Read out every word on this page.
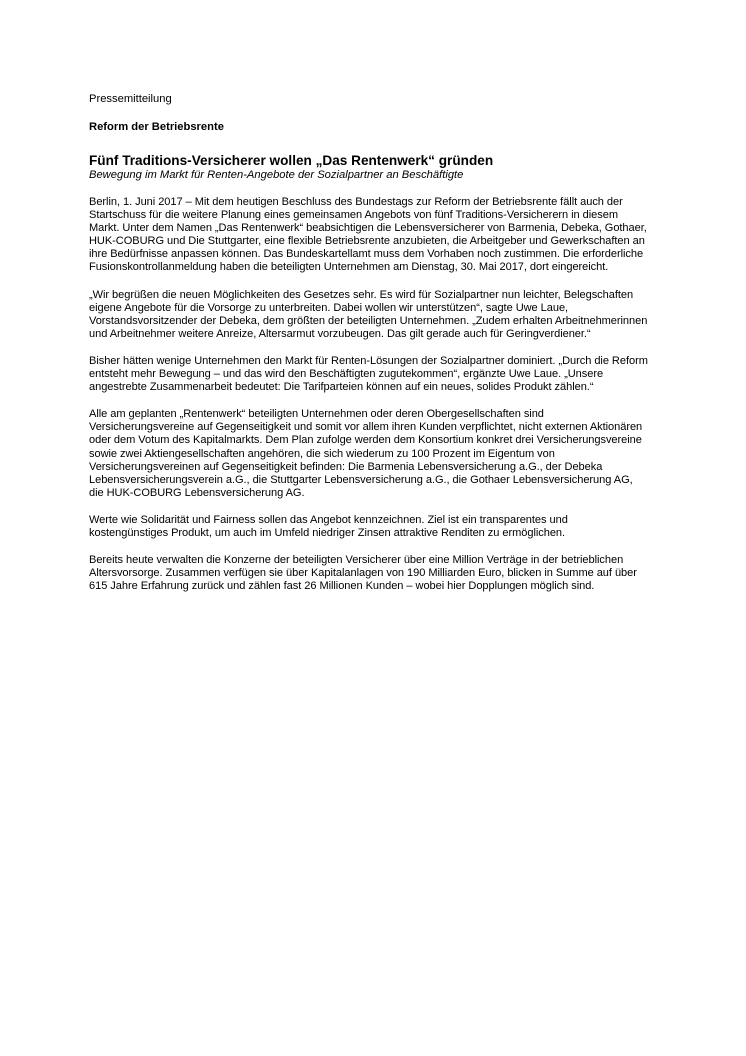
Pressemitteilung

Reform der Betriebsrente

Fünf Traditions-Versicherer wollen „Das Rentenwerk“ gründen

Bewegung im Markt für Renten-Angebote der Sozialpartner an Beschäftigte

Berlin, 1. Juni 2017 – Mit dem heutigen Beschluss des Bundestags zur Reform der Betriebsrente fällt auch der Startschuss für die weitere Planung eines gemeinsamen Angebots von fünf Traditions-Versicherern in diesem Markt. Unter dem Namen „Das Rentenwerk“ beabsichtigen die Lebensversicherer von Barmenia, Debeka, Gothaer, HUK-COBURG und Die Stuttgarter, eine flexible Betriebsrente anzubieten, die Arbeitgeber und Gewerkschaften an ihre Bedürfnisse anpassen können. Das Bundeskartellamt muss dem Vorhaben noch zustimmen. Die erforderliche Fusionskontrollanmeldung haben die beteiligten Unternehmen am Dienstag, 30. Mai 2017, dort eingereicht.

„Wir begrüßen die neuen Möglichkeiten des Gesetzes sehr. Es wird für Sozialpartner nun leichter, Belegschaften eigene Angebote für die Vorsorge zu unterbreiten. Dabei wollen wir unterstützen“, sagte Uwe Laue, Vorstandsvorsitzender der Debeka, dem größten der beteiligten Unternehmen. „Zudem erhalten Arbeitnehmerinnen und Arbeitnehmer weitere Anreize, Altersarmut vorzubeugen. Das gilt gerade auch für Geringverdiener.“

Bisher hätten wenige Unternehmen den Markt für Renten-Lösungen der Sozialpartner dominiert. „Durch die Reform entsteht mehr Bewegung – und das wird den Beschäftigten zugutekommen“, ergänzte Uwe Laue. „Unsere angestrebte Zusammenarbeit bedeutet: Die Tarifparteien können auf ein neues, solides Produkt zählen.“

Alle am geplanten „Rentenwerk“ beteiligten Unternehmen oder deren Obergesellschaften sind Versicherungsvereine auf Gegenseitigkeit und somit vor allem ihren Kunden verpflichtet, nicht externen Aktionären oder dem Votum des Kapitalmarkts. Dem Plan zufolge werden dem Konsortium konkret drei Versicherungsvereine sowie zwei Aktiengesellschaften angehören, die sich wiederum zu 100 Prozent im Eigentum von Versicherungsvereinen auf Gegenseitigkeit befinden: Die Barmenia Lebensversicherung a.G., der Debeka Lebensversicherungsverein a.G., die Stuttgarter Lebensversicherung a.G., die Gothaer Lebensversicherung AG, die HUK-COBURG Lebensversicherung AG.

Werte wie Solidarität und Fairness sollen das Angebot kennzeichnen. Ziel ist ein transparentes und kostengünstiges Produkt, um auch im Umfeld niedriger Zinsen attraktive Renditen zu ermöglichen.

Bereits heute verwalten die Konzerne der beteiligten Versicherer über eine Million Verträge in der betrieblichen Altersvorsorge. Zusammen verfügen sie über Kapitalanlagen von 190 Milliarden Euro, blicken in Summe auf über 615 Jahre Erfahrung zurück und zählen fast 26 Millionen Kunden – wobei hier Dopplungen möglich sind.
